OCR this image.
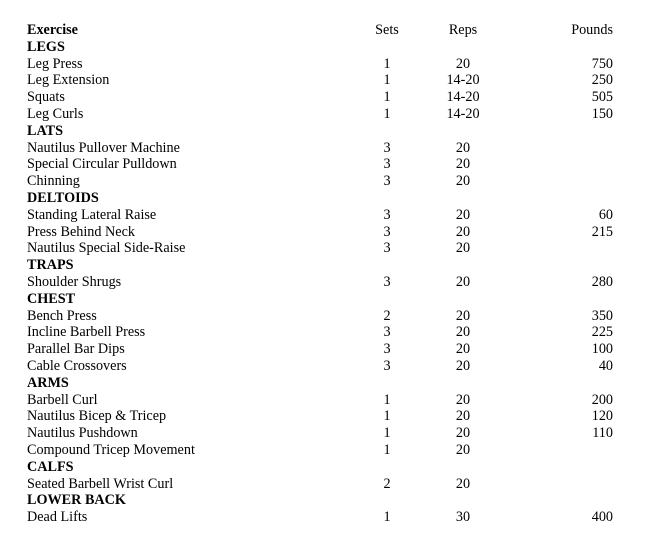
Exercise	Sets	Reps	Pounds
LEGS
Leg Press	1	20	750
Leg Extension	1	14-20	250
Squats	1	14-20	505
Leg Curls	1	14-20	150
LATS
Nautilus Pullover Machine	3	20
Special Circular Pulldown	3	20
Chinning	3	20
DELTOIDS
Standing Lateral Raise	3	20	60
Press Behind Neck	3	20	215
Nautilus Special Side-Raise	3	20
TRAPS
Shoulder Shrugs	3	20	280
CHEST
Bench Press	2	20	350
Incline Barbell Press	3	20	225
Parallel Bar Dips	3	20	100
Cable Crossovers	3	20	40
ARMS
Barbell Curl	1	20	200
Nautilus Bicep & Tricep	1	20	120
Nautilus Pushdown	1	20	110
Compound Tricep Movement	1	20
CALFS
Seated Barbell Wrist Curl	2	20
LOWER BACK
Dead Lifts	1	30	400
